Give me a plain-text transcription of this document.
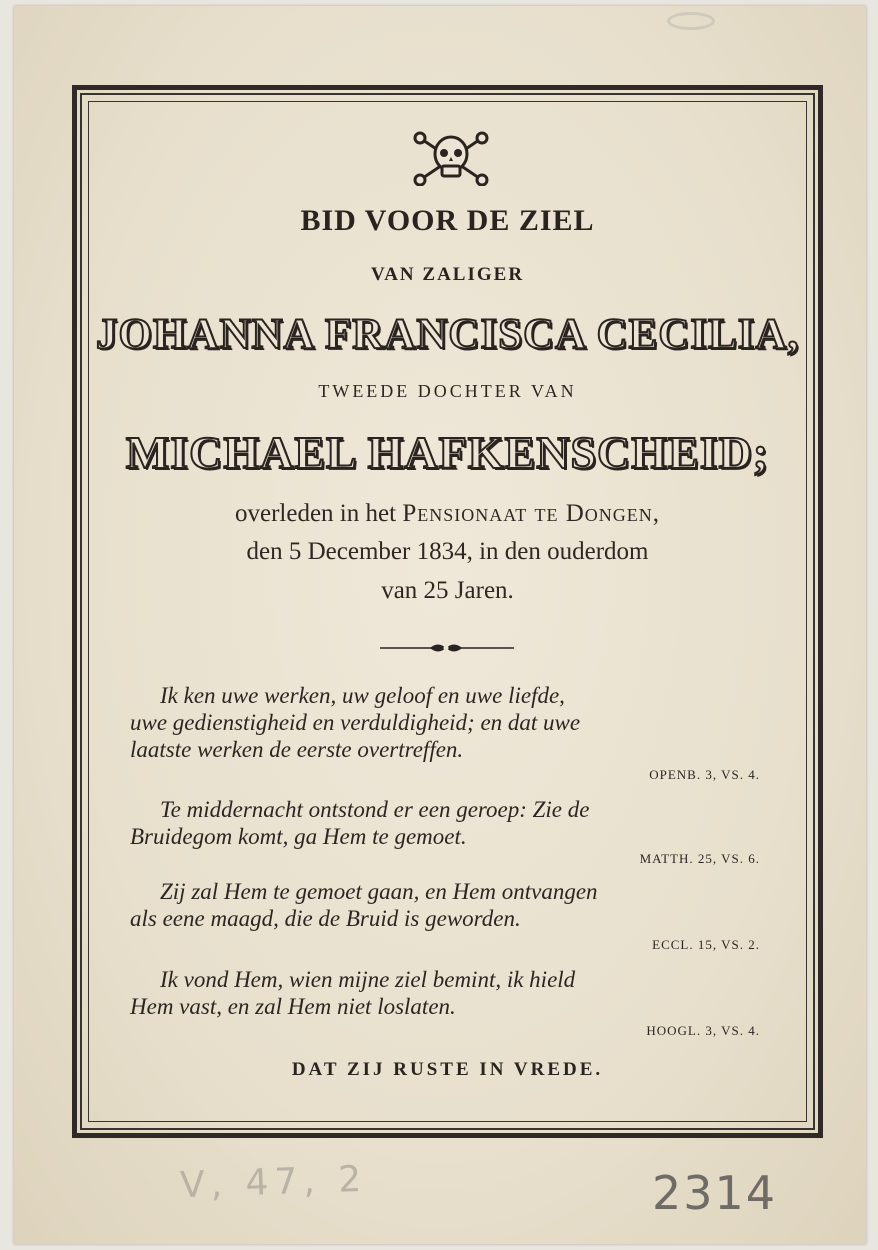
BID VOOR DE ZIEL
VAN ZALIGER
JOHANNA FRANCISCA CECILIA,
TWEEDE DOCHTER VAN
MICHAEL HAFKENSCHEID;
overleden in het Pensionaat te Dongen,
den 5 December 1834, in den ouderdom
van 25 Jaren.
Ik ken uwe werken, uw geloof en uwe liefde,
uwe gedienstigheid en verduldigheid; en dat uwe
laatste werken de eerste overtreffen.
OPENB. 3, VS. 4.
Te middernacht ontstond er een geroep: Zie de
Bruidegom komt, ga Hem te gemoet.
MATTH. 25, VS. 6.
Zij zal Hem te gemoet gaan, en Hem ontvangen
als eene maagd, die de Bruid is geworden.
ECCL. 15, VS. 2.
Ik vond Hem, wien mijne ziel bemint, ik hield
Hem vast, en zal Hem niet loslaten.
HOOGL. 3, VS. 4.
DAT ZIJ RUSTE IN VREDE.
V, 47, 2	2314
